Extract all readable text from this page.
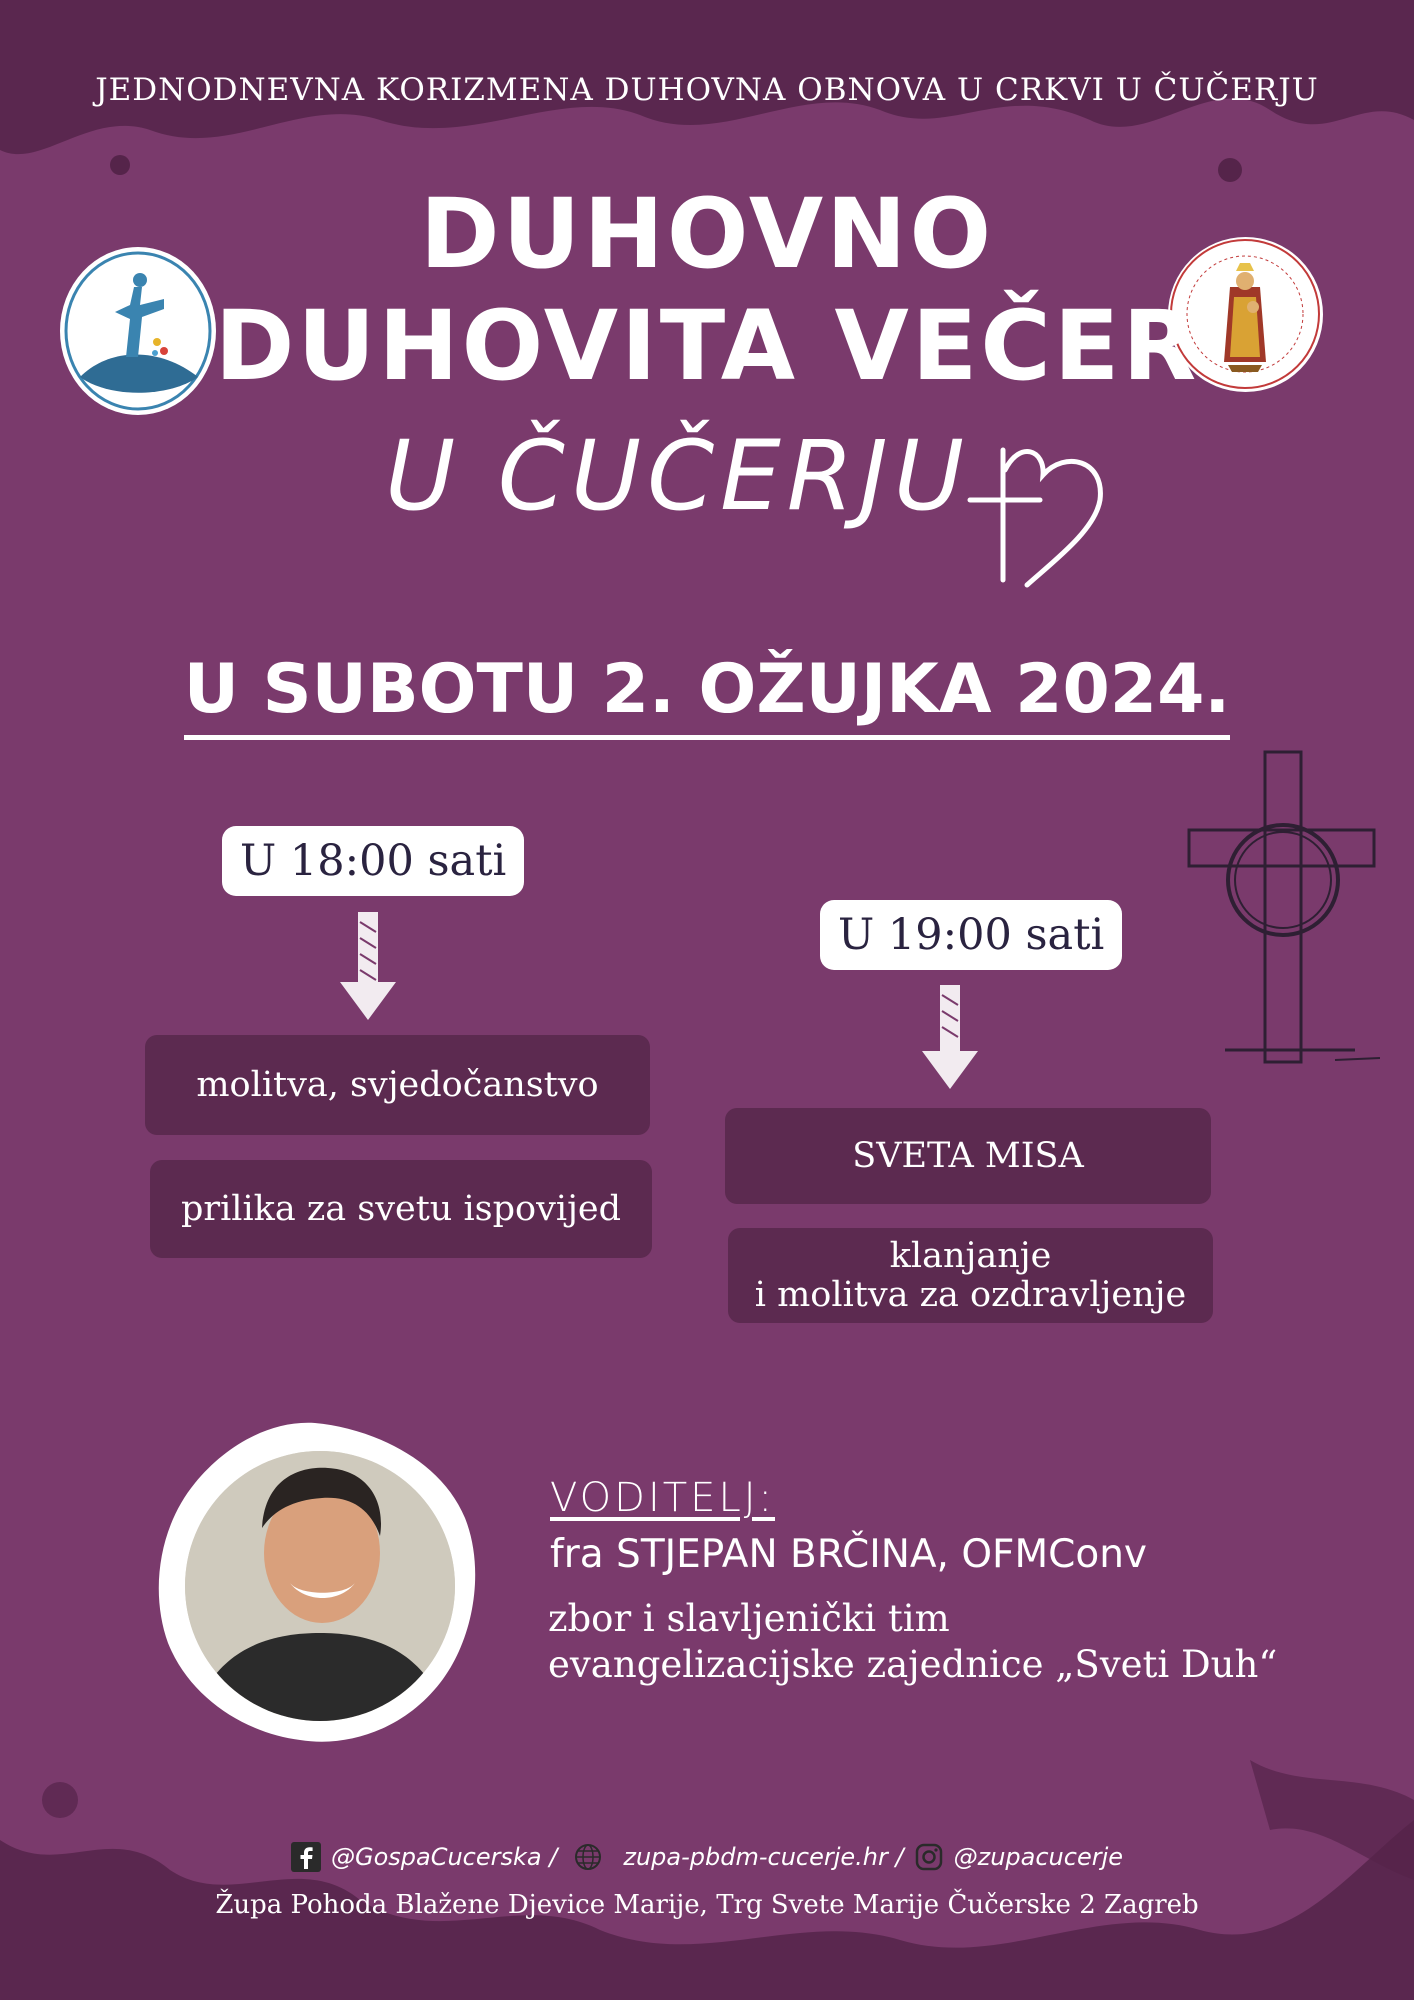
JEDNODNEVNA KORIZMENA DUHOVNA OBNOVA U CRKVI U ČUČERJU
DUHOVNO
DUHOVITA VEČER
U ČUČERJU
U SUBOTU 2. OŽUJKA 2024.
U 18:00 sati
molitva, svjedočanstvo
prilika za svetu ispovijed
U 19:00 sati
SVETA MISA
klanjanje
i molitva za ozdravljenje
VODITELJ:
fra STJEPAN BRČINA, OFMConv
zbor i slavljenički tim
evangelizacijske zajednice „Sveti Duh“
@GospaCucerska /	zupa-pbdm-cucerje.hr / @zupacucerje
Župa Pohoda Blažene Djevice Marije, Trg Svete Marije Čučerske 2 Zagreb
